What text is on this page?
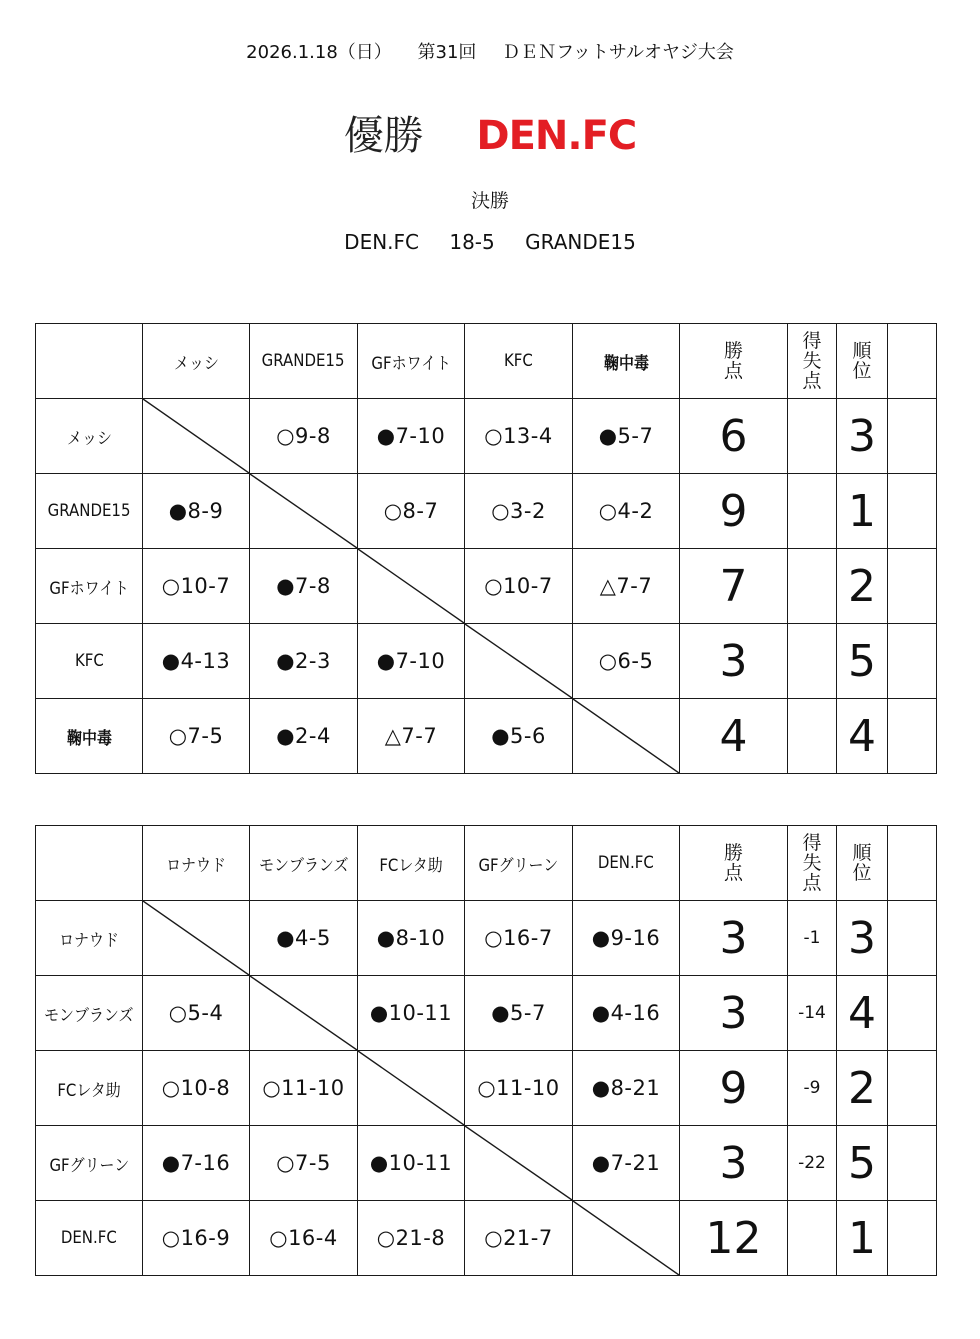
2026.1.18（日） 第31回 ＤＥＮフットサルオヤジ大会
優勝 DEN.FC
決勝
DEN.FC 18-5 GRANDE15
	メッシ	GRANDE15	GFホワイト	KFC	鞠中毒	勝点	得失点	順位	

メッシ		○9-8	●7-10	○13-4	●5-7	6		3	
GRANDE15	●8-9		○8-7	○3-2	○4-2	9		1	
GFホワイト	○10-7	●7-8		○10-7	△7-7	7		2	
KFC	●4-13	●2-3	●7-10		○6-5	3		5	
鞠中毒	○7-5	●2-4	△7-7	●5-6		4		4	
	ロナウド	モンブランズ	FCレタ助	GFグリーン	DEN.FC	勝点	得失点	順位	

ロナウド		●4-5	●8-10	○16-7	●9-16	3	-1	3	
モンブランズ	○5-4		●10-11	●5-7	●4-16	3	-14	4	
FCレタ助	○10-8	○11-10		○11-10	●8-21	9	-9	2	
GFグリーン	●7-16	○7-5	●10-11		●7-21	3	-22	5	
DEN.FC	○16-9	○16-4	○21-8	○21-7		12		1	
